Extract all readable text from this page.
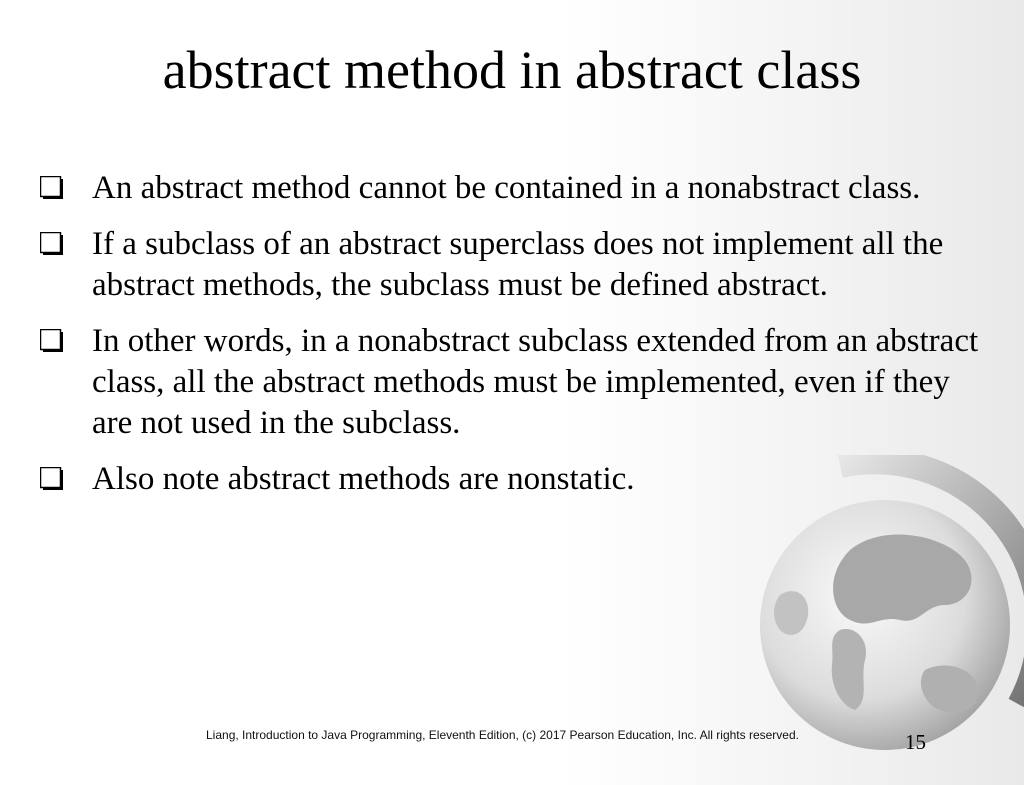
abstract method in abstract class
An abstract method cannot be contained in a nonabstract class.
If a subclass of an abstract superclass does not implement all the abstract methods, the subclass must be defined abstract.
In other words, in a nonabstract subclass extended from an abstract class, all the abstract methods must be implemented, even if they are not used in the subclass.
Also note abstract methods are nonstatic.
Liang, Introduction to Java Programming, Eleventh Edition, (c) 2017 Pearson Education, Inc. All rights reserved.	15
